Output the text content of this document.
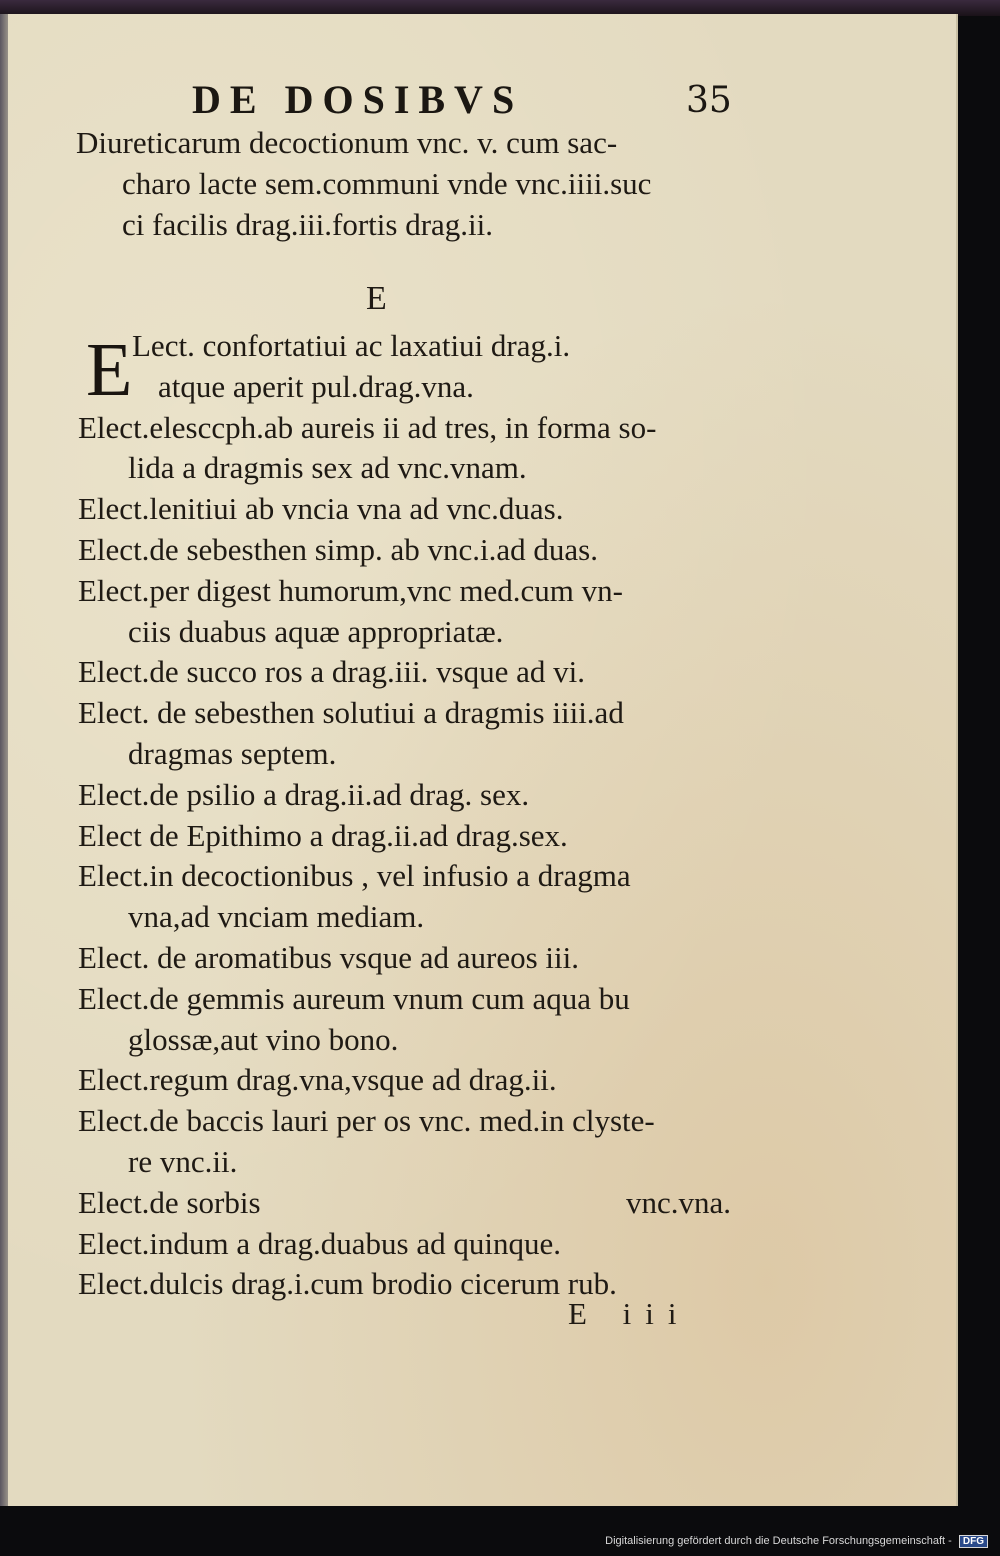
DE DOSIBVS	35
Diureticarum decoctionum vnc. v. cum sac-
charo lacte sem.communi vnde vnc.iiii.suc
ci facilis drag.iii.fortis drag.ii.
E
E Lect. confortatiui ac laxatiui drag.i.
atque aperit pul.drag.vna.
Elect.elesccph.ab aureis ii ad tres, in forma so-
lida a dragmis sex ad vnc.vnam.
Elect.lenitiui ab vncia vna ad vnc.duas.
Elect.de sebesthen simp. ab vnc.i.ad duas.
Elect.per digest humorum,vnc med.cum vn-
ciis duabus aquæ appropriatæ.
Elect.de succo ros a drag.iii. vsque ad vi.
Elect. de sebesthen solutiui a dragmis iiii.ad
dragmas septem.
Elect.de psilio a drag.ii.ad drag. sex.
Elect de Epithimo a drag.ii.ad drag.sex.
Elect.in decoctionibus , vel infusio a dragma
vna,ad vnciam mediam.
Elect. de aromatibus vsque ad aureos iii.
Elect.de gemmis aureum vnum cum aqua bu
glossæ,aut vino bono.
Elect.regum drag.vna,vsque ad drag.ii.
Elect.de baccis lauri per os vnc. med.in clyste-
re vnc.ii.
Elect.de sorbis	vnc.vna.
Elect.indum a drag.duabus ad quinque.
Elect.dulcis drag.i.cum brodio cicerum rub.
E iii
Digitalisierung gefördert durch die Deutsche Forschungsgemeinschaft - DFG
